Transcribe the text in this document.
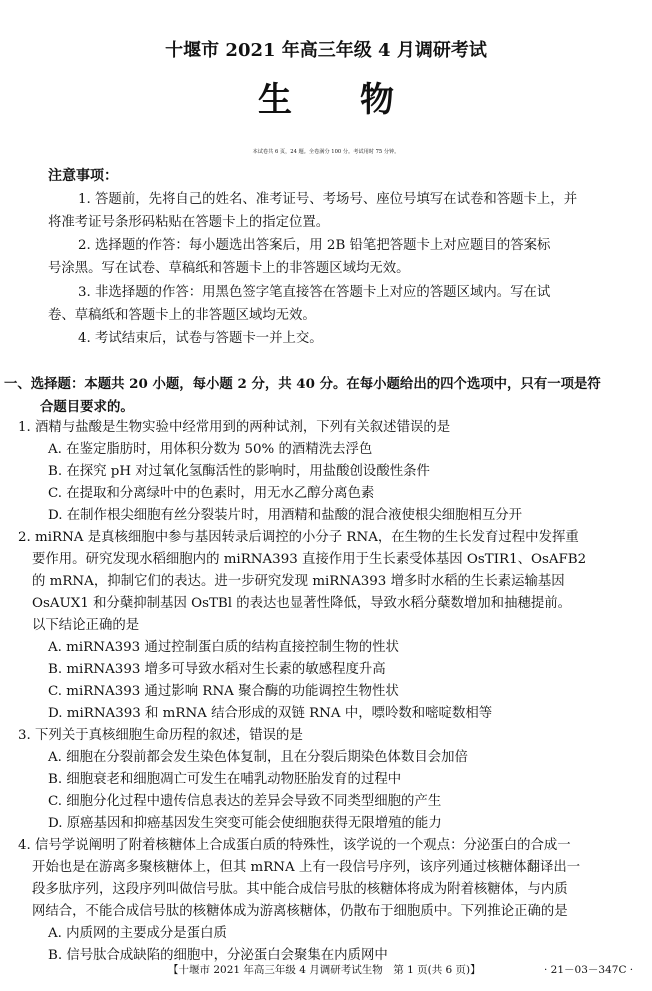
十堰市 2021 年高三年级 4 月调研考试
生 物
本试卷共 6 页，24 题。全卷满分 100 分。考试用时 75 分钟。
注意事项：
1. 答题前，先将自己的姓名、准考证号、考场号、座位号填写在试卷和答题卡上，并
将准考证号条形码粘贴在答题卡上的指定位置。
2. 选择题的作答：每小题选出答案后，用 2B 铅笔把答题卡上对应题目的答案标
号涂黑。写在试卷、草稿纸和答题卡上的非答题区域均无效。
3. 非选择题的作答：用黑色签字笔直接答在答题卡上对应的答题区域内。写在试
卷、草稿纸和答题卡上的非答题区域均无效。
4. 考试结束后，试卷与答题卡一并上交。
一、选择题：本题共 20 小题，每小题 2 分，共 40 分。在每小题给出的四个选项中，只有一项是符
合题目要求的。
1. 酒精与盐酸是生物实验中经常用到的两种试剂，下列有关叙述错误的是
A. 在鉴定脂肪时，用体积分数为 50% 的酒精洗去浮色
B. 在探究 pH 对过氧化氢酶活性的影响时，用盐酸创设酸性条件
C. 在提取和分离绿叶中的色素时，用无水乙醇分离色素
D. 在制作根尖细胞有丝分裂装片时，用酒精和盐酸的混合液使根尖细胞相互分开
2. miRNA 是真核细胞中参与基因转录后调控的小分子 RNA，在生物的生长发育过程中发挥重
要作用。研究发现水稻细胞内的 miRNA393 直接作用于生长素受体基因 OsTIR1、OsAFB2
的 mRNA，抑制它们的表达。进一步研究发现 miRNA393 增多时水稻的生长素运输基因
OsAUX1 和分蘖抑制基因 OsTBl 的表达也显著性降低，导致水稻分蘖数增加和抽穗提前。
以下结论正确的是
A. miRNA393 通过控制蛋白质的结构直接控制生物的性状
B. miRNA393 增多可导致水稻对生长素的敏感程度升高
C. miRNA393 通过影响 RNA 聚合酶的功能调控生物性状
D. miRNA393 和 mRNA 结合形成的双链 RNA 中，嘌呤数和嘧啶数相等
3. 下列关于真核细胞生命历程的叙述，错误的是
A. 细胞在分裂前都会发生染色体复制，且在分裂后期染色体数目会加倍
B. 细胞衰老和细胞凋亡可发生在哺乳动物胚胎发育的过程中
C. 细胞分化过程中遗传信息表达的差异会导致不同类型细胞的产生
D. 原癌基因和抑癌基因发生突变可能会使细胞获得无限增殖的能力
4. 信号学说阐明了附着核糖体上合成蛋白质的特殊性，该学说的一个观点：分泌蛋白的合成一
开始也是在游离多聚核糖体上，但其 mRNA 上有一段信号序列，该序列通过核糖体翻译出一
段多肽序列，这段序列叫做信号肽。其中能合成信号肽的核糖体将成为附着核糖体，与内质
网结合，不能合成信号肽的核糖体成为游离核糖体，仍散布于细胞质中。下列推论正确的是
A. 内质网的主要成分是蛋白质
B. 信号肽合成缺陷的细胞中，分泌蛋白会聚集在内质网中
【十堰市 2021 年高三年级 4 月调研考试生物　第 1 页(共 6 页)】	· 21－03－347C ·
